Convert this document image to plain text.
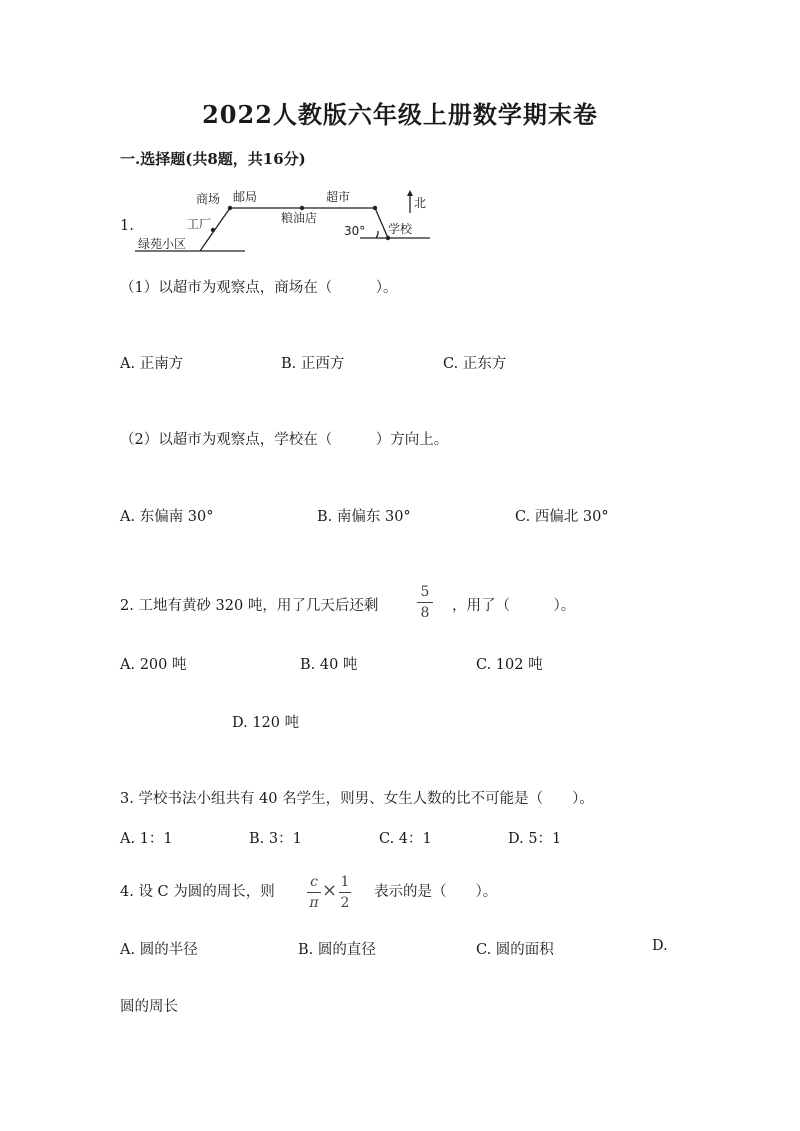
2022人教版六年级上册数学期末卷
一.选择题(共8题，共16分)
1.
商场 邮局	超市
工厂	粮油店
绿苑小区
学校
30°
北
（1）以超市为观察点，商场在（　　　）。
A. 正南方	B. 正西方	C. 正东方
（2）以超市为观察点，学校在（　　　）方向上。
A. 东偏南 30°	B. 南偏东 30°	C. 西偏北 30°
2. 工地有黄砂 320 吨，用了几天后还剩
5
8 ，用了（　　　）。
A. 200 吨	B. 40 吨	C. 102 吨
D. 120 吨
3. 学校书法小组共有 40 名学生，则男、女生人数的比不可能是（　　）。
A. 1：1	B. 3：1	C. 4：1	D. 5：1
4. 设 C 为圆的周长，则
c
π
× 1
2
表示的是（　　）。
A. 圆的半径	B. 圆的直径	C. 圆的面积	D.
圆的周长
